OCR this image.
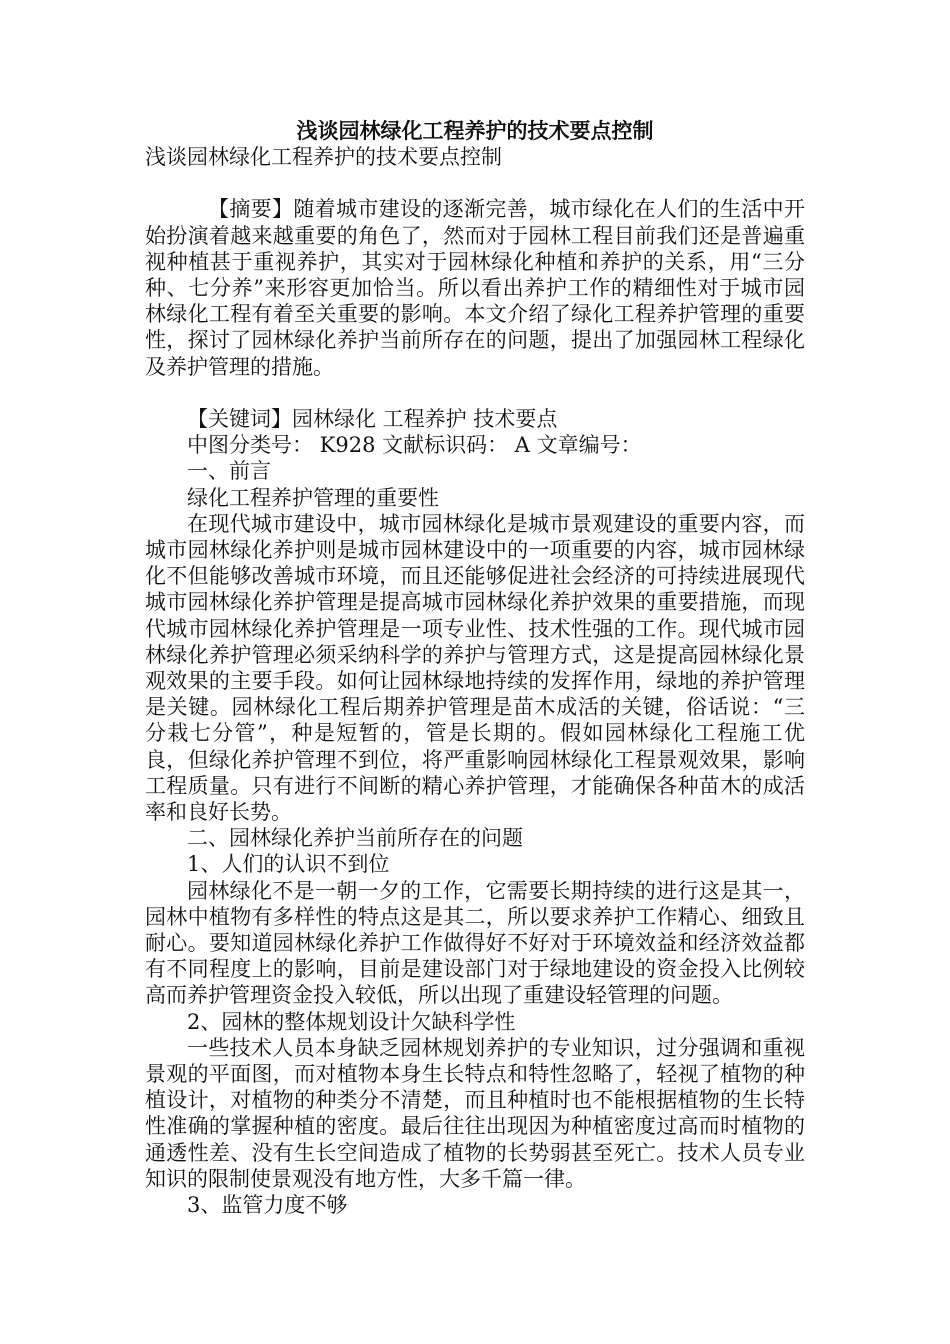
浅谈园林绿化工程养护的技术要点控制

浅谈园林绿化工程养护的技术要点控制

【摘要】随着城市建设的逐渐完善，城市绿化在人们的生活中开始扮演着越来越重要的角色了，然而对于园林工程目前我们还是普遍重视种植甚于重视养护，其实对于园林绿化种植和养护的关系，用“三分种、七分养”来形容更加恰当。所以看出养护工作的精细性对于城市园林绿化工程有着至关重要的影响。本文介绍了绿化工程养护管理的重要性，探讨了园林绿化养护当前所存在的问题，提出了加强园林工程绿化及养护管理的措施。

【关键词】园林绿化 工程养护 技术要点

中图分类号： K928 文献标识码： A 文章编号：

一、前言

绿化工程养护管理的重要性

在现代城市建设中，城市园林绿化是城市景观建设的重要内容，而城市园林绿化养护则是城市园林建设中的一项重要的内容，城市园林绿化不但能够改善城市环境，而且还能够促进社会经济的可持续进展现代城市园林绿化养护管理是提高城市园林绿化养护效果的重要措施，而现代城市园林绿化养护管理是一项专业性、技术性强的工作。现代城市园林绿化养护管理必须采纳科学的养护与管理方式，这是提高园林绿化景观效果的主要手段。如何让园林绿地持续的发挥作用，绿地的养护管理是关键。园林绿化工程后期养护管理是苗木成活的关键，俗话说：“三分栽七分管”，种是短暂的，管是长期的。假如园林绿化工程施工优良，但绿化养护管理不到位，将严重影响园林绿化工程景观效果，影响工程质量。只有进行不间断的精心养护管理，才能确保各种苗木的成活率和良好长势。

二、园林绿化养护当前所存在的问题

1、人们的认识不到位

园林绿化不是一朝一夕的工作，它需要长期持续的进行这是其一，园林中植物有多样性的特点这是其二，所以要求养护工作精心、细致且耐心。要知道园林绿化养护工作做得好不好对于环境效益和经济效益都有不同程度上的影响，目前是建设部门对于绿地建设的资金投入比例较高而养护管理资金投入较低，所以出现了重建设轻管理的问题。

2、园林的整体规划设计欠缺科学性

一些技术人员本身缺乏园林规划养护的专业知识，过分强调和重视景观的平面图，而对植物本身生长特点和特性忽略了，轻视了植物的种植设计，对植物的种类分不清楚，而且种植时也不能根据植物的生长特性准确的掌握种植的密度。最后往往出现因为种植密度过高而时植物的通透性差、没有生长空间造成了植物的长势弱甚至死亡。技术人员专业知识的限制使景观没有地方性，大多千篇一律。

3、监管力度不够
